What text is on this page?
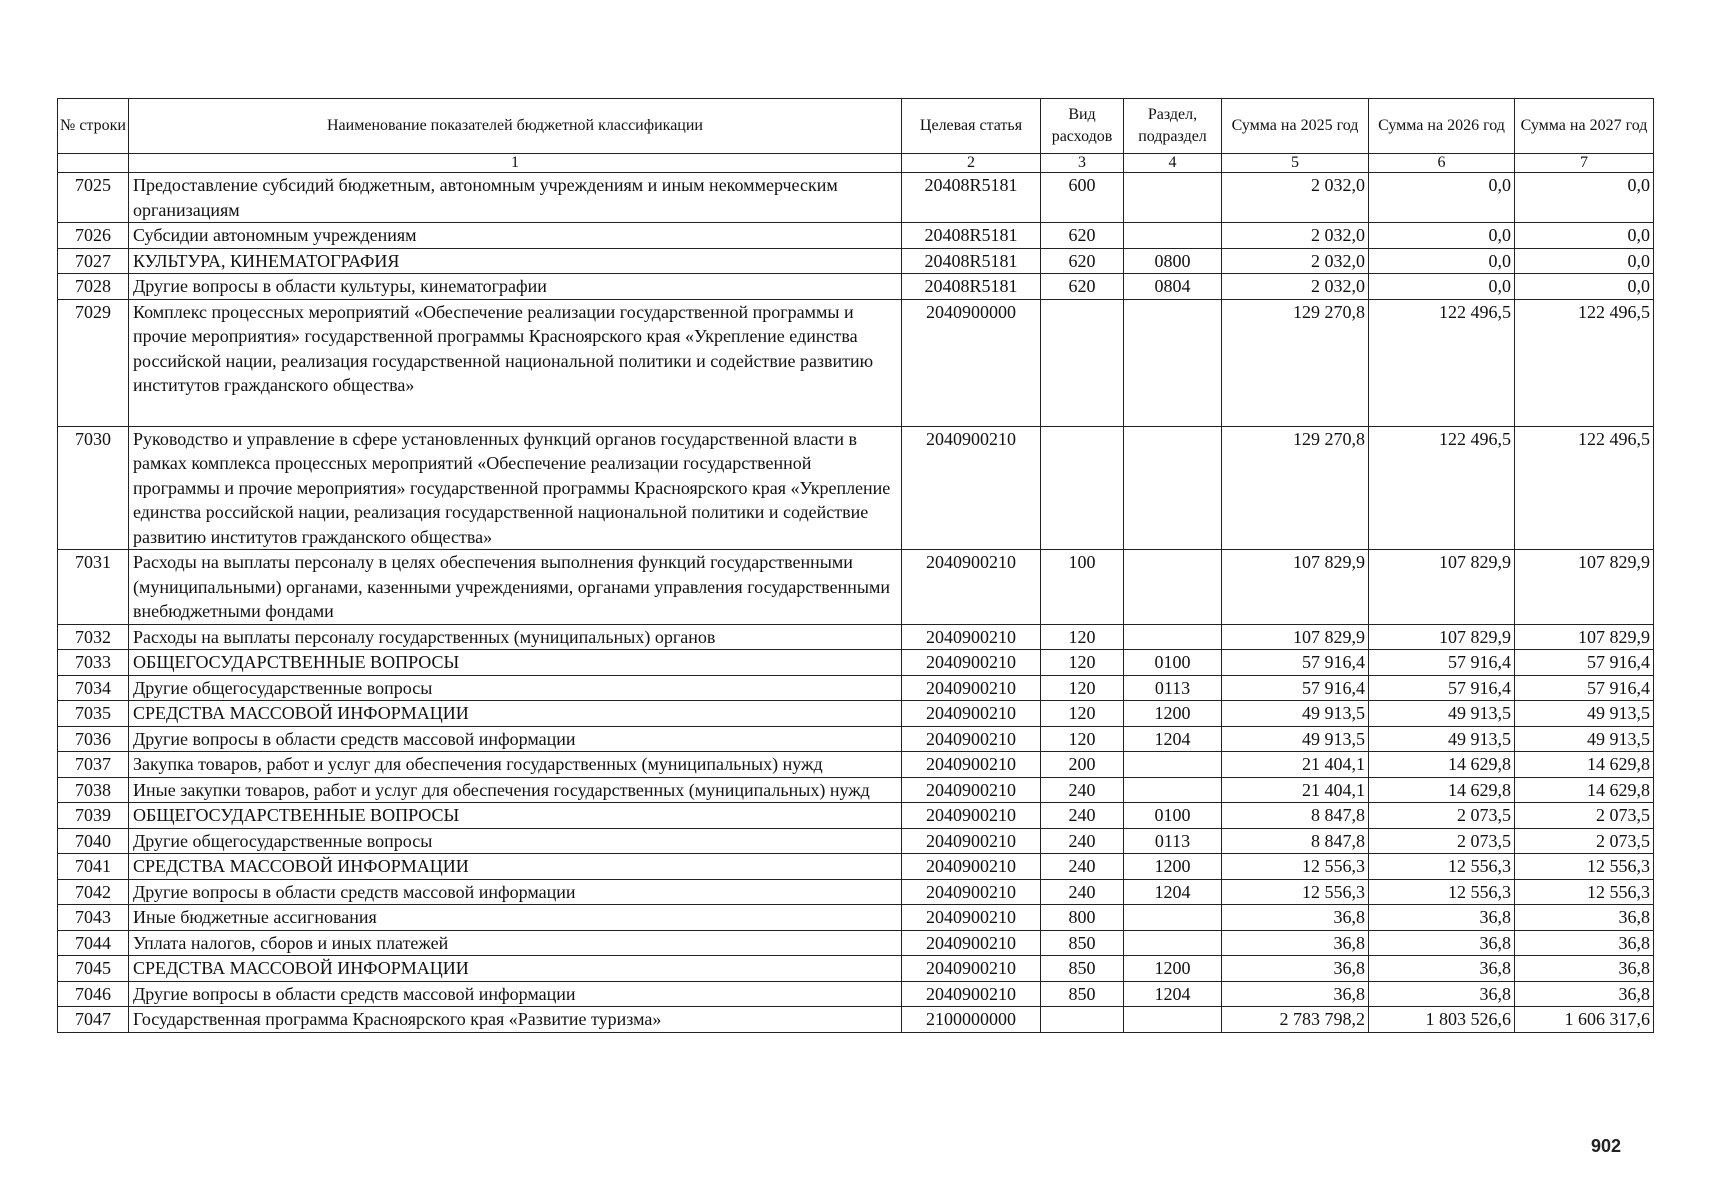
№ строки	Наименование показателей бюджетной классификации	Целевая статья	Вид расходов	Раздел, подраздел	Сумма на 2025 год	Сумма на 2026 год	Сумма на 2027 год
	1	2	3	4	5	6	7
7025	Предоставление субсидий бюджетным, автономным учреждениям и иным некоммерческим организациям	20408R5181	600		2 032,0	0,0	0,0
7026	Субсидии автономным учреждениям	20408R5181	620		2 032,0	0,0	0,0
7027	КУЛЬТУРА, КИНЕМАТОГРАФИЯ	20408R5181	620	0800	2 032,0	0,0	0,0
7028	Другие вопросы в области культуры, кинематографии	20408R5181	620	0804	2 032,0	0,0	0,0
7029	Комплекс процессных мероприятий «Обеспечение реализации государственной программы и прочие мероприятия» государственной программы Красноярского края «Укрепление единства российской нации, реализация государственной национальной политики и содействие развитию институтов гражданского общества»	2040900000			129 270,8	122 496,5	122 496,5
7030	Руководство и управление в сфере установленных функций органов государственной власти в рамках комплекса процессных мероприятий «Обеспечение реализации государственной программы и прочие мероприятия» государственной программы Красноярского края «Укрепление единства российской нации, реализация государственной национальной политики и содействие развитию институтов гражданского общества»	2040900210			129 270,8	122 496,5	122 496,5
7031	Расходы на выплаты персоналу в целях обеспечения выполнения функций государственными (муниципальными) органами, казенными учреждениями, органами управления государственными внебюджетными фондами	2040900210	100		107 829,9	107 829,9	107 829,9
7032	Расходы на выплаты персоналу государственных (муниципальных) органов	2040900210	120		107 829,9	107 829,9	107 829,9
7033	ОБЩЕГОСУДАРСТВЕННЫЕ ВОПРОСЫ	2040900210	120	0100	57 916,4	57 916,4	57 916,4
7034	Другие общегосударственные вопросы	2040900210	120	0113	57 916,4	57 916,4	57 916,4
7035	СРЕДСТВА МАССОВОЙ ИНФОРМАЦИИ	2040900210	120	1200	49 913,5	49 913,5	49 913,5
7036	Другие вопросы в области средств массовой информации	2040900210	120	1204	49 913,5	49 913,5	49 913,5
7037	Закупка товаров, работ и услуг для обеспечения государственных (муниципальных) нужд	2040900210	200		21 404,1	14 629,8	14 629,8
7038	Иные закупки товаров, работ и услуг для обеспечения государственных (муниципальных) нужд	2040900210	240		21 404,1	14 629,8	14 629,8
7039	ОБЩЕГОСУДАРСТВЕННЫЕ ВОПРОСЫ	2040900210	240	0100	8 847,8	2 073,5	2 073,5
7040	Другие общегосударственные вопросы	2040900210	240	0113	8 847,8	2 073,5	2 073,5
7041	СРЕДСТВА МАССОВОЙ ИНФОРМАЦИИ	2040900210	240	1200	12 556,3	12 556,3	12 556,3
7042	Другие вопросы в области средств массовой информации	2040900210	240	1204	12 556,3	12 556,3	12 556,3
7043	Иные бюджетные ассигнования	2040900210	800		36,8	36,8	36,8
7044	Уплата налогов, сборов и иных платежей	2040900210	850		36,8	36,8	36,8
7045	СРЕДСТВА МАССОВОЙ ИНФОРМАЦИИ	2040900210	850	1200	36,8	36,8	36,8
7046	Другие вопросы в области средств массовой информации	2040900210	850	1204	36,8	36,8	36,8
7047	Государственная программа Красноярского края «Развитие туризма»	2100000000			2 783 798,2	1 803 526,6	1 606 317,6
902
